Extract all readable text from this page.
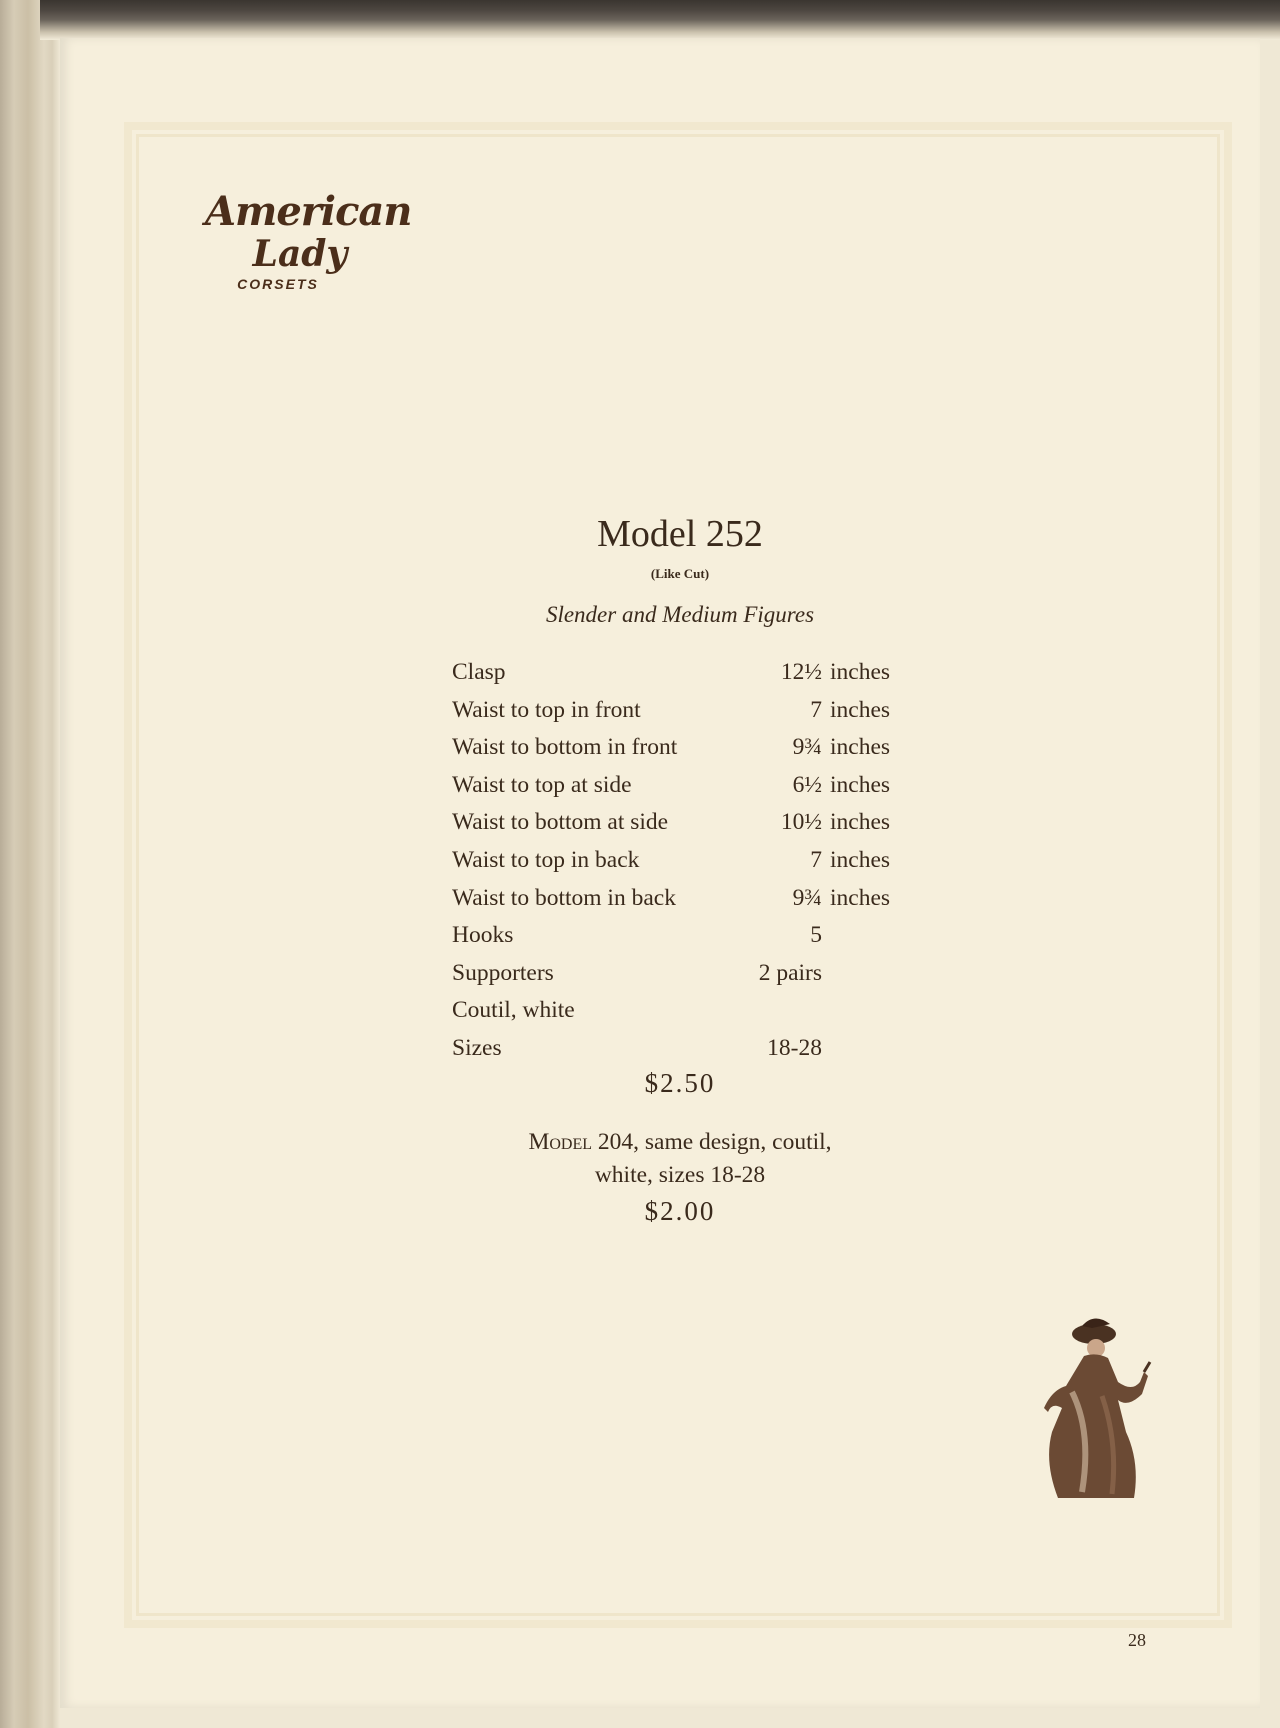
American
Lady
CORSETS
Model 252
(Like Cut)
Slender and Medium Figures
Clasp	12½	inches
Waist to top in front	7	inches
Waist to bottom in front	9¾	inches
Waist to top at side	6½	inches
Waist to bottom at side	10½	inches
Waist to top in back	7	inches
Waist to bottom in back	9¾	inches
Hooks	5	
Supporters	2 pairs	
Coutil, white		
Sizes	18-28	
$2.50
Model 204, same design, coutil,
white, sizes 18-28
$2.00
28
